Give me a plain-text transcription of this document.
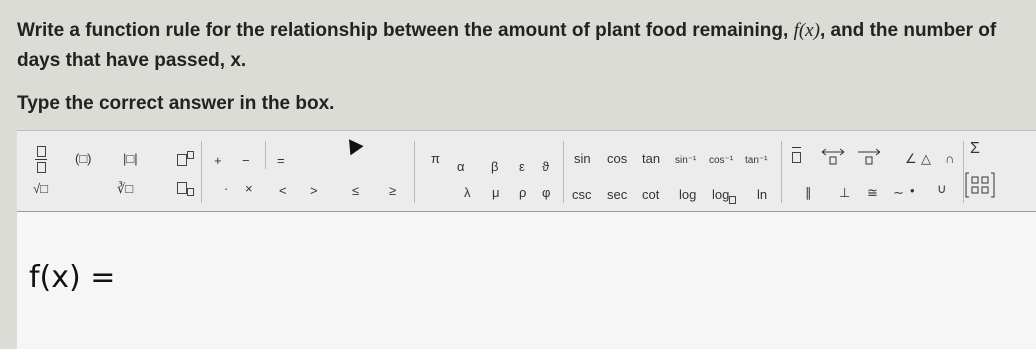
Write a function rule for the relationship between the amount of plant food remaining, f(x), and the number of days that have passed, x.
Type the correct answer in the box.
(□) |□|
√□	∛□
+ − =
· × < >	≤ ≥
π
α β ε ϑ
λ μ ρ φ
sin cos tan sin⁻¹ cos⁻¹ tan⁻¹
csc sec cot log log	ln
∠ △ ∩
∥ ⊥ ≅ ∼ • ∪
Σ
f(x) =
